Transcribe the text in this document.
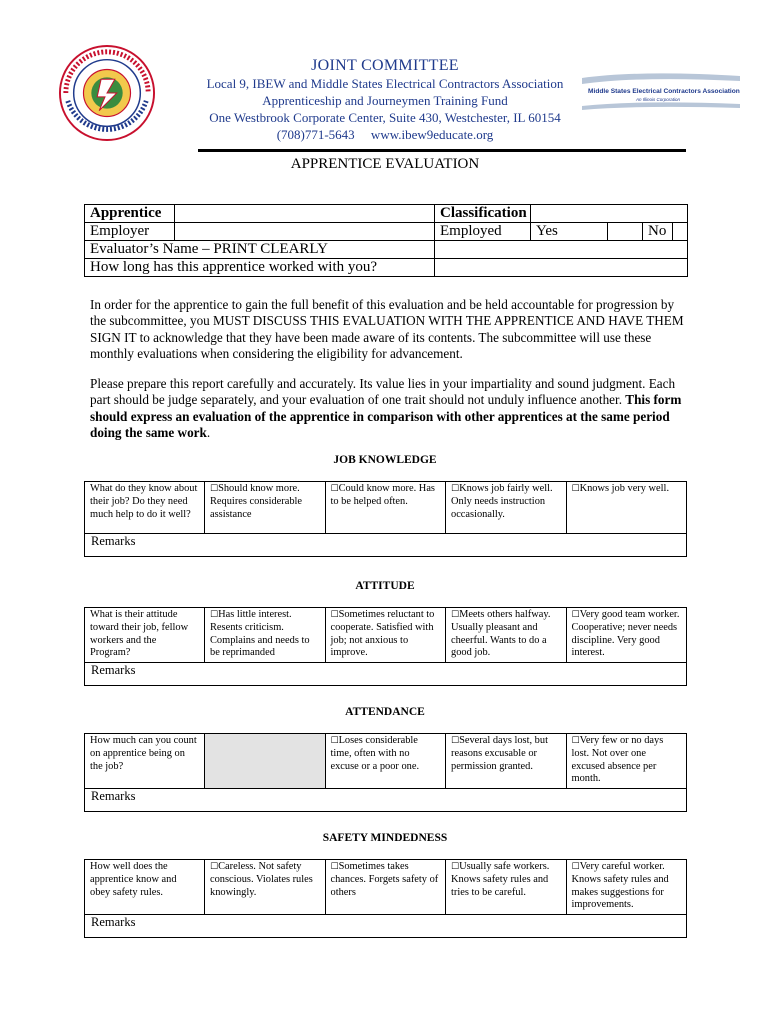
JOINT COMMITTEE
Local 9, IBEW and Middle States Electrical Contractors Association
Apprenticeship and Journeymen Training Fund
One Westbrook Corporate Center, Suite 430, Westchester, IL 60154
(708)771-5643     www.ibew9educate.org
Middle States Electrical Contractors Association
An Illinois Corporation
APPRENTICE EVALUATION
Apprentice		Classification				
Employer		Employed	Yes		No	
Evaluator’s Name – PRINT CLEARLY						
How long has this apprentice worked with you?						
In order for the apprentice to gain the full benefit of this evaluation and be held accountable for progression by the subcommittee, you MUST DISCUSS THIS EVALUATION WITH THE APPRENTICE AND HAVE THEM SIGN IT to acknowledge that they have been made aware of its contents. The subcommittee will use these monthly evaluations when considering the eligibility for advancement.
Please prepare this report carefully and accurately. Its value lies in your impartiality and sound judgment. Each part should be judge separately, and your evaluation of one trait should not unduly influence another. This form should express an evaluation of the apprentice in comparison with other apprentices at the same period doing the same work.
JOB KNOWLEDGE
What do they know about their job? Do they need much help to do it well?	☐Should know more. Requires considerable assistance	☐Could know more. Has to be helped often.	☐Knows job fairly well. Only needs instruction occasionally.	☐Knows job very well.
Remarks
ATTITUDE
What is their attitude toward their job, fellow workers and the Program?	☐Has little interest. Resents criticism. Complains and needs to be reprimanded	☐Sometimes reluctant to cooperate. Satisfied with job; not anxious to improve.	☐Meets others halfway. Usually pleasant and cheerful. Wants to do a good job.	☐Very good team worker. Cooperative; never needs discipline. Very good interest.
Remarks
ATTENDANCE
How much can you count on apprentice being on the job?		☐Loses considerable time, often with no excuse or a poor one.	☐Several days lost, but reasons excusable or permission granted.	☐Very few or no days lost. Not over one excused absence per month.
Remarks
SAFETY MINDEDNESS
How well does the apprentice know and obey safety rules.	☐Careless. Not safety conscious. Violates rules knowingly.	☐Sometimes takes chances. Forgets safety of others	☐Usually safe workers. Knows safety rules and tries to be careful.	☐Very careful worker. Knows safety rules and makes suggestions for improvements.
Remarks
